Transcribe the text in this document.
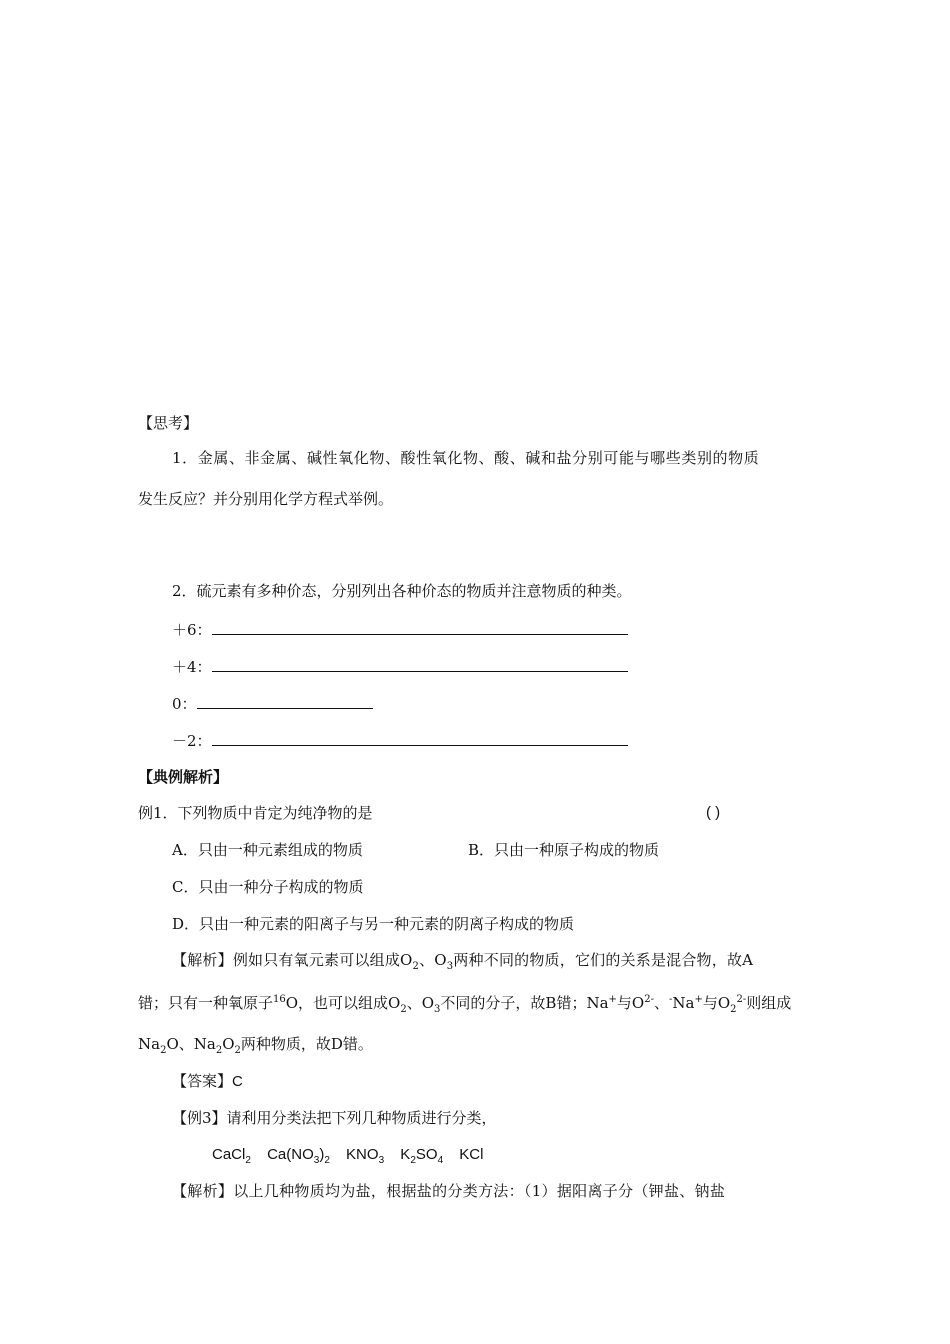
【思考】
1．金属、非金属、碱性氧化物、酸性氧化物、酸、碱和盐分别可能与哪些类别的物质
发生反应？并分别用化学方程式举例。
2．硫元素有多种价态，分别列出各种价态的物质并注意物质的种类。
＋6：
＋4：
0：
－2：
【典例解析】
例1．下列物质中肯定为纯净物的是	( )
A．只由一种元素组成的物质	B．只由一种原子构成的物质
C．只由一种分子构成的物质
D．只由一种元素的阳离子与另一种元素的阴离子构成的物质
【解析】例如只有氧元素可以组成$O_2$、$O_3$两种不同的物质，它们的关系是混合物，故A
错；只有一种氧原子$^{16}$O，也可以组成$O_2$、$O_3$不同的分子，故B错；Na+与$O^{2-}$、-Na+与$O_2^{2-}$则组成
$Na_2O$、$Na_2O_2$两种物质，故D错。
【答案】C
【例3】请利用分类法把下列几种物质进行分类，
CaCl$_2$ $Ca(NO_3)_2$ $KNO_3$ $K_2SO_4$ KCl
【解析】以上几种物质均为盐，根据盐的分类方法：（1）据阳离子分（钾盐、钠盐
